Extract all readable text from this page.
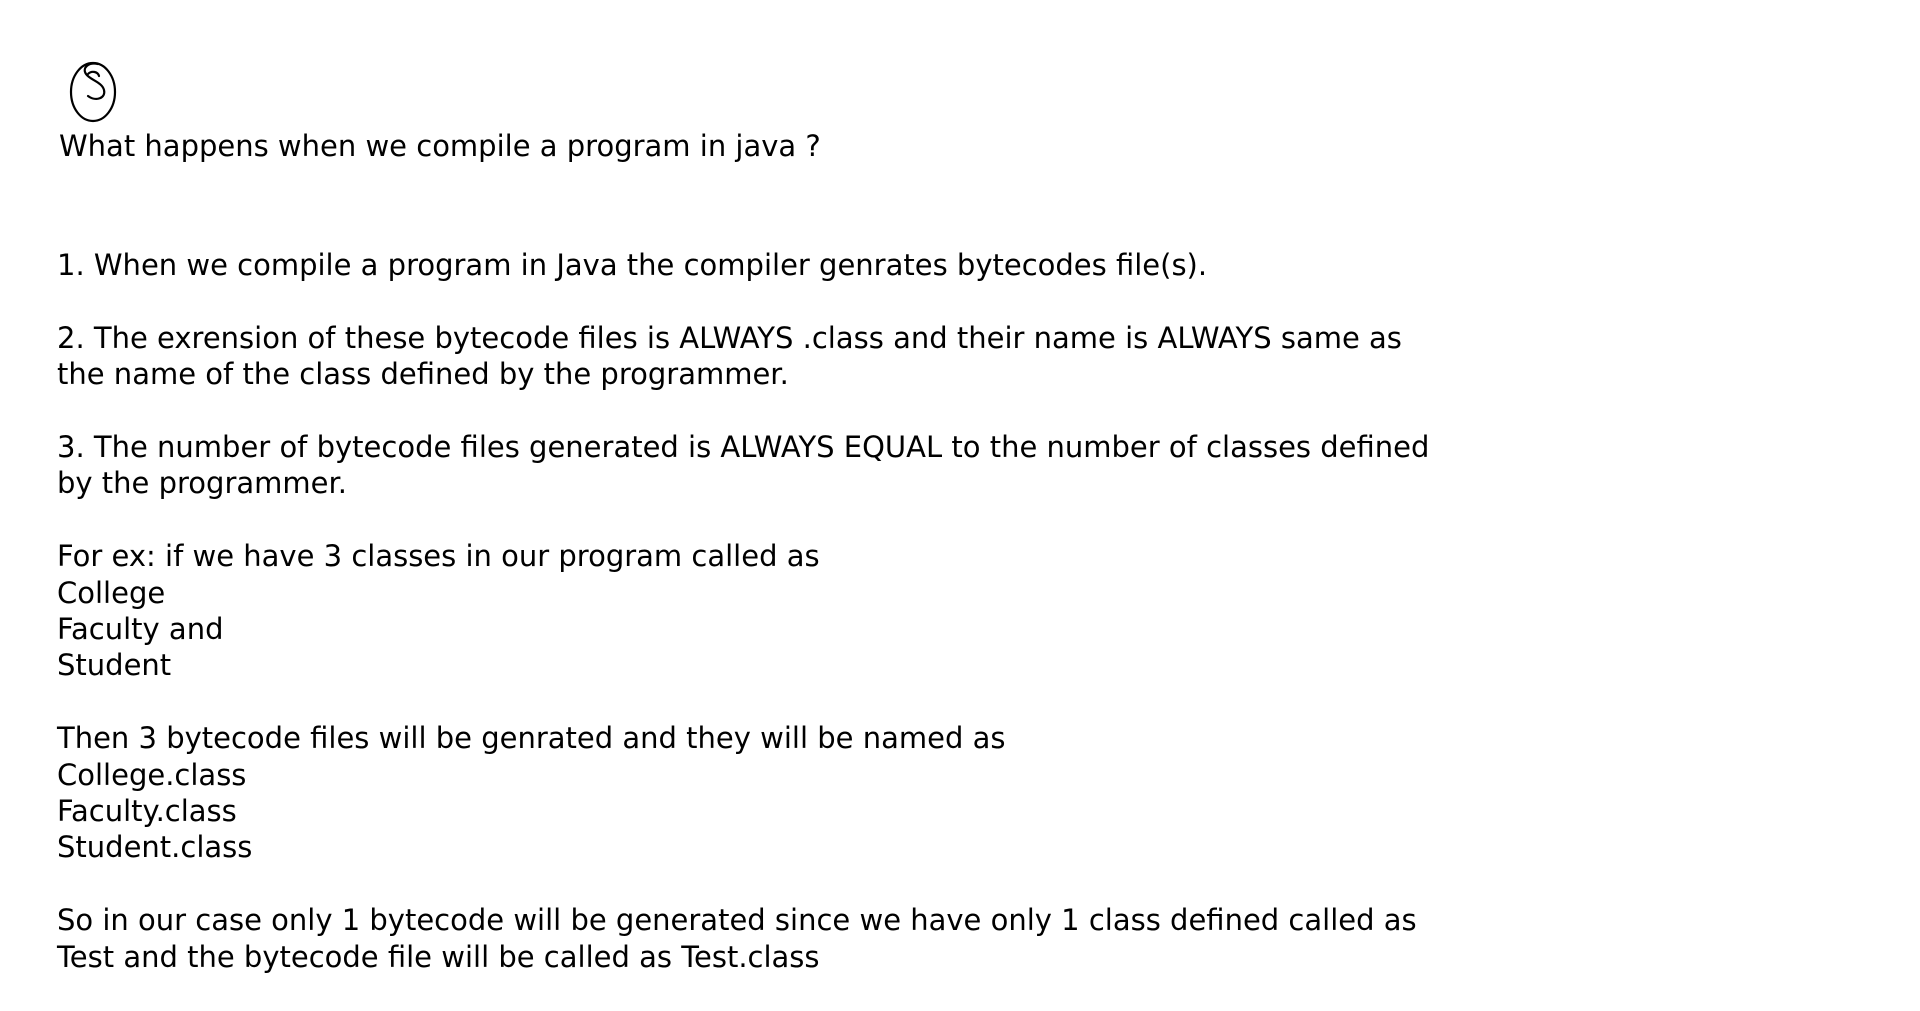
What happens when we compile a program in java ?
1. When we compile a program in Java the compiler genrates bytecodes file(s).
2. The exrension of these bytecode files is ALWAYS .class and their name is ALWAYS same as
the name of the class defined by the programmer.
3. The number of bytecode files generated is ALWAYS EQUAL to the number of classes defined
by the programmer.
For ex: if we have 3 classes in our program called as
College
Faculty and
Student
Then 3 bytecode files will be genrated and they will be named as
College.class
Faculty.class
Student.class
So in our case only 1 bytecode will be generated since we have only 1 class defined called as
Test and the bytecode file will be called as Test.class
